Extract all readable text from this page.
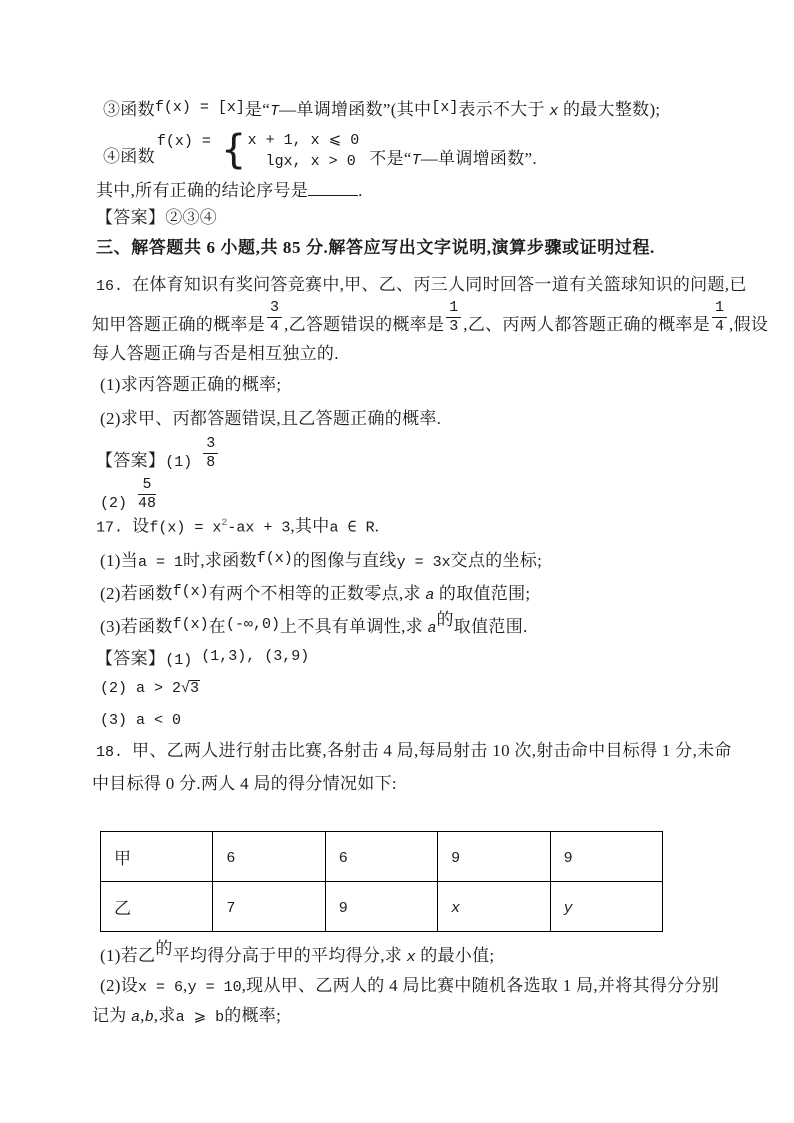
③函数f(x) = [x]是“T—单调增函数”(其中[x]表示不大于 x 的最大整数);
④函数
f(x) = { x + 1, x ⩽ 0
lgx, x > 0 不是“T—单调增函数”.
其中,所有正确的结论序号是	.
【答案】②③④
三、解答题共 6 小题,共 85 分.解答应写出文字说明,演算步骤或证明过程.
16. 在体育知识有奖问答竞赛中,甲、乙、丙三人同时回答一道有关篮球知识的问题,已
知甲答题正确的概率是 $\frac{3}{4}$ ,乙答题错误的概率是 $\frac{1}{3}$ ,乙、丙两人都答题正确的概率是 $\frac{1}{4}$ ,假设
每人答题正确与否是相互独立的.
(1)求丙答题正确的概率;
(2)求甲、丙都答题错误,且乙答题正确的概率.
【答案】$(1) \frac{3}{8}$
$(2) \frac{5}{48}$
17. 设$f(x) = x^2-ax + 3$,其中a ∈ R.
(1)当a = 1时,求函数f(x)的图像与直线y = 3x交点的坐标;
(2)若函数f(x)有两个不相等的正数零点,求 a 的取值范围;
(3)若函数f(x)在(-∞,0)上不具有单调性,求 a的取值范围.
【答案】(1) (1,3), (3,9)
(2) a > 2√3
(3) a < 0
18. 甲、乙两人进行射击比赛,各射击 4 局,每局射击 10 次,射击命中目标得 1 分,未命
中目标得 0 分.两人 4 局的得分情况如下:
甲	6	6	9	9
乙	7	9	x	y
(1)若乙的平均得分高于甲的平均得分,求 x 的最小值;
(2)设x = 6,y = 10,现从甲、乙两人的 4 局比赛中随机各选取 1 局,并将其得分分别
记为 a,b,求a ⩾ b的概率;
